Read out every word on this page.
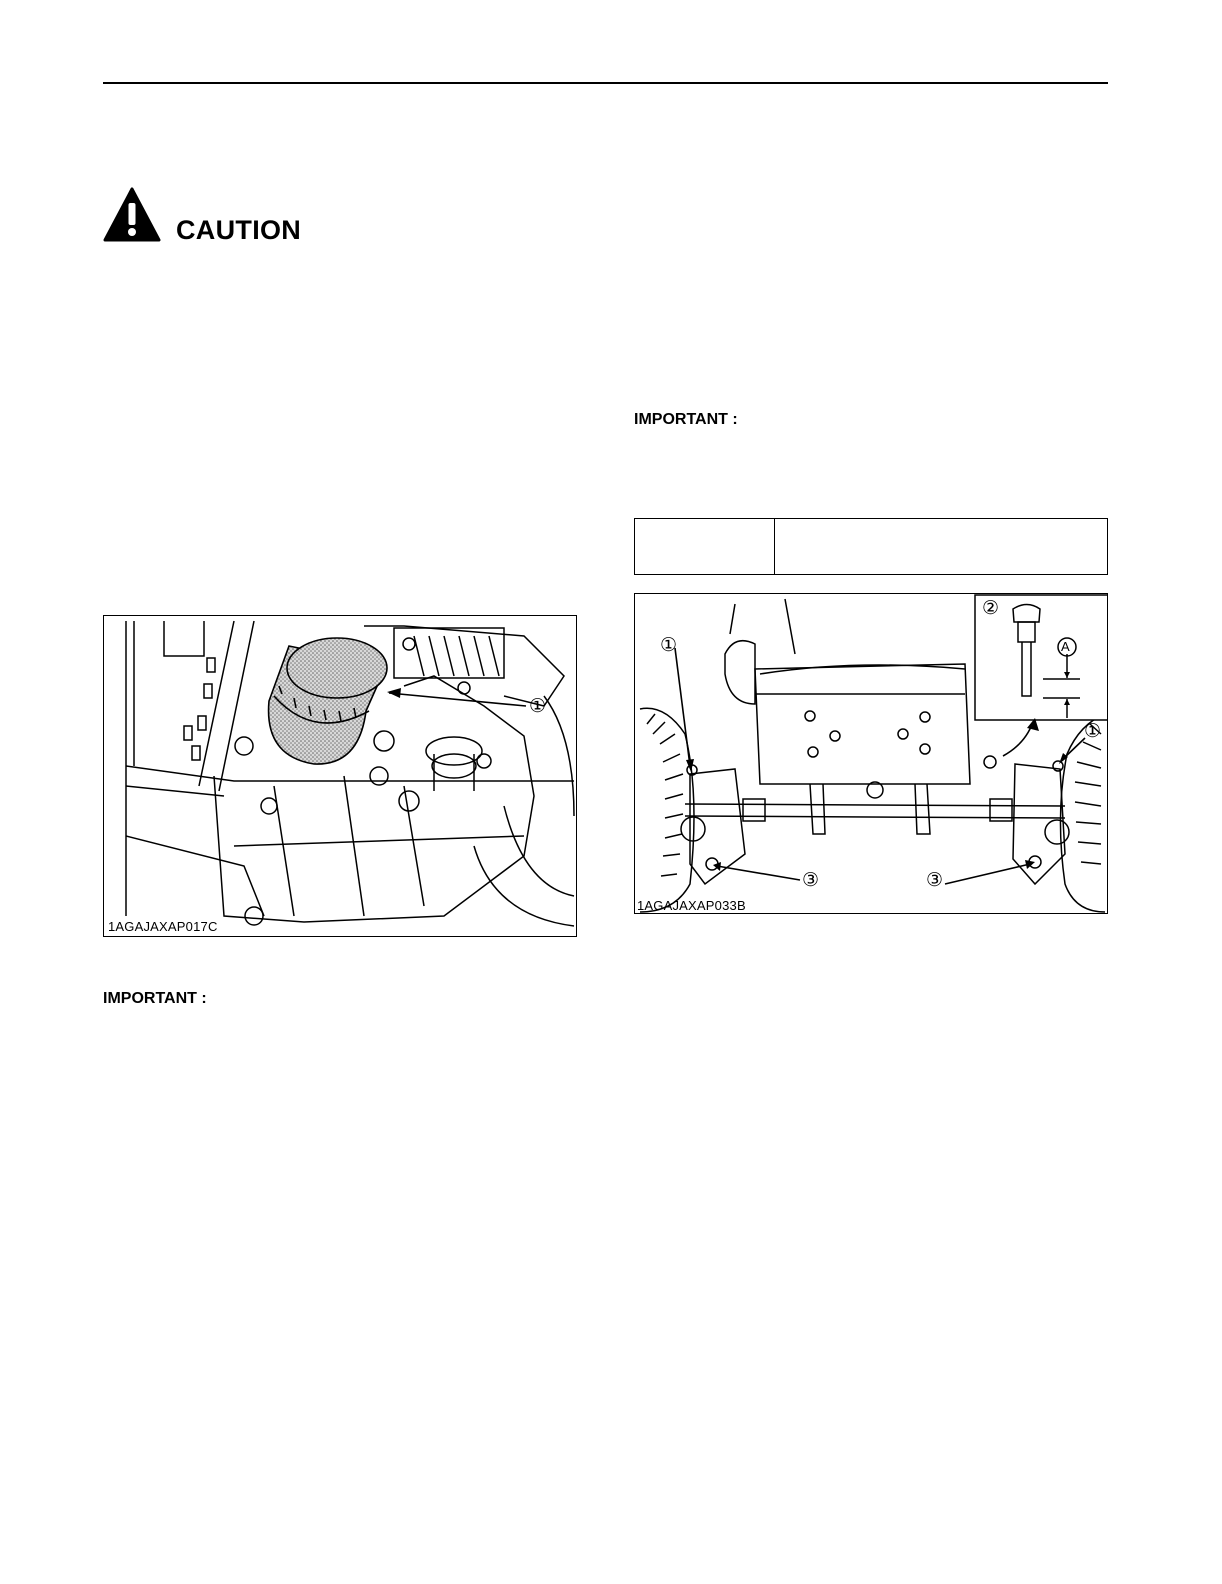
CAUTION
IMPORTANT :
①
1AGAJAXAP017C
IMPORTANT :
①
①
②
③	③
A
1AGAJAXAP033B
